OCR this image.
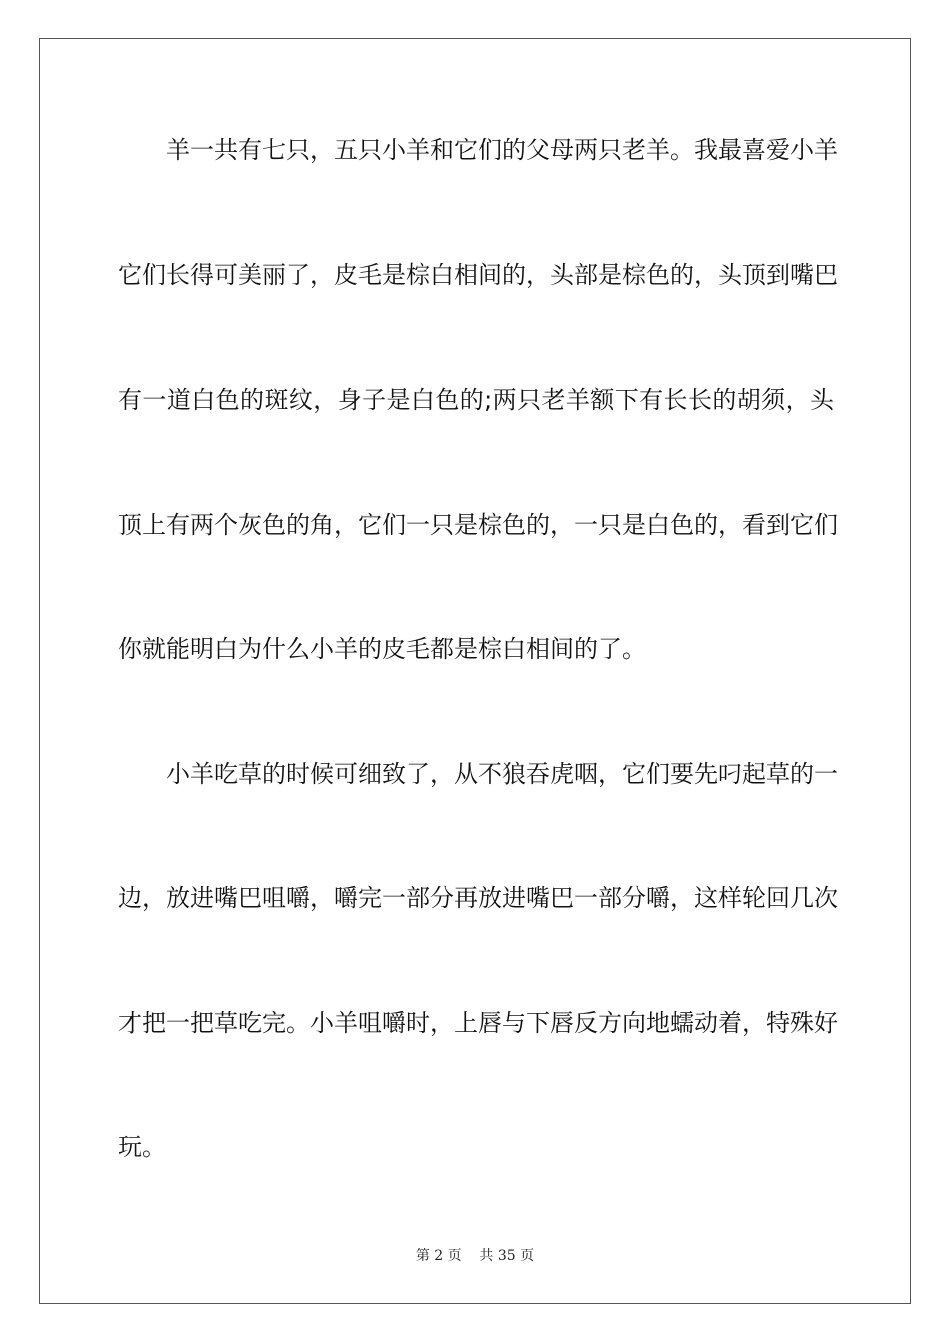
羊一共有七只，五只小羊和它们的父母两只老羊。我最喜爱小羊
它们长得可美丽了，皮毛是棕白相间的，头部是棕色的，头顶到嘴巴
有一道白色的斑纹，身子是白色的;两只老羊额下有长长的胡须，头
顶上有两个灰色的角，它们一只是棕色的，一只是白色的，看到它们
你就能明白为什么小羊的皮毛都是棕白相间的了。
小羊吃草的时候可细致了，从不狼吞虎咽，它们要先叼起草的一
边，放进嘴巴咀嚼，嚼完一部分再放进嘴巴一部分嚼，这样轮回几次
才把一把草吃完。小羊咀嚼时，上唇与下唇反方向地蠕动着，特殊好
玩。
第 2 页    共 35 页
